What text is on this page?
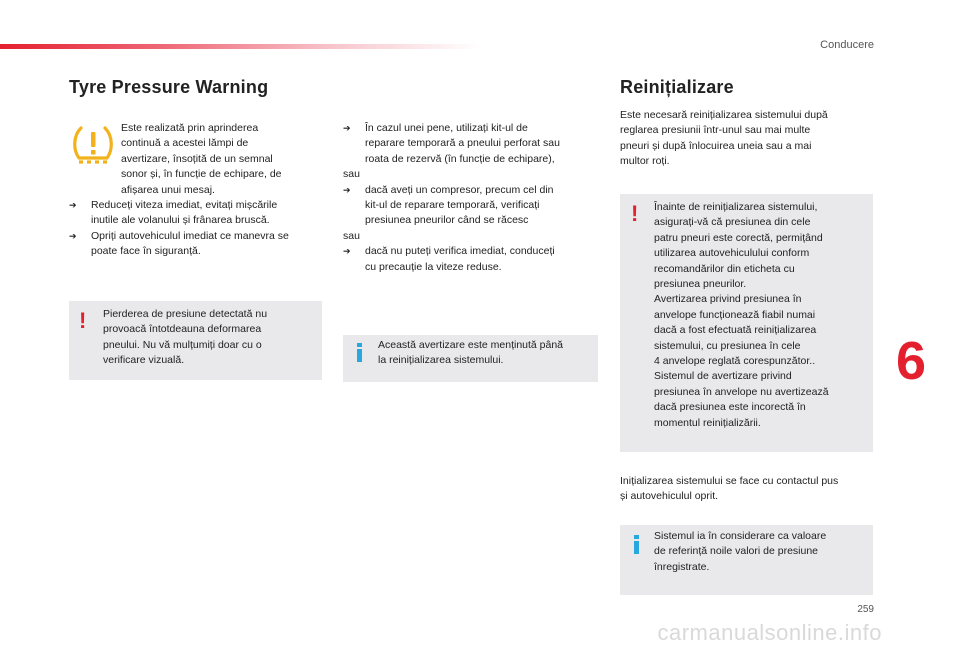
Conducere
Tyre Pressure Warning
Este realizată prin aprinderea
continuă a acestei lămpi de
avertizare, însoțită de un semnal
sonor și, în funcție de echipare, de
afișarea unui mesaj.
➔ Reduceți viteza imediat, evitați mișcările
inutile ale volanului și frânarea bruscă.
➔ Opriți autovehiculul imediat ce manevra se
poate face în siguranță.
! Pierderea de presiune detectată nu
provoacă întotdeauna deformarea
pneului. Nu vă mulțumiți doar cu o
verificare vizuală.
➔ În cazul unei pene, utilizați kit-ul de
reparare temporară a pneului perforat sau
roata de rezervă (în funcție de echipare),
sau
➔ dacă aveți un compresor, precum cel din
kit-ul de reparare temporară, verificați
presiunea pneurilor când se răcesc
sau
➔ dacă nu puteți verifica imediat, conduceți
cu precauție la viteze reduse.
Această avertizare este menținută până
la reinițializarea sistemului.
Reinițializare
Este necesară reinițializarea sistemului după
reglarea presiunii într-unul sau mai multe
pneuri și după înlocuirea uneia sau a mai
multor roți.
! Înainte de reinițializarea sistemului,
asigurați-vă că presiunea din cele
patru pneuri este corectă, permițând
utilizarea autovehiculului conform
recomandărilor din eticheta cu
presiunea pneurilor.
Avertizarea privind presiunea în
anvelope funcționează fiabil numai
dacă a fost efectuată reinițializarea
sistemului, cu presiunea în cele
4 anvelope reglată corespunzător..
Sistemul de avertizare privind
presiunea în anvelope nu avertizează
dacă presiunea este incorectă în
momentul reinițializării.
Inițializarea sistemului se face cu contactul pus
și autovehiculul oprit.
Sistemul ia în considerare ca valoare
de referință noile valori de presiune
înregistrate.
6
259
carmanualsonline.info
